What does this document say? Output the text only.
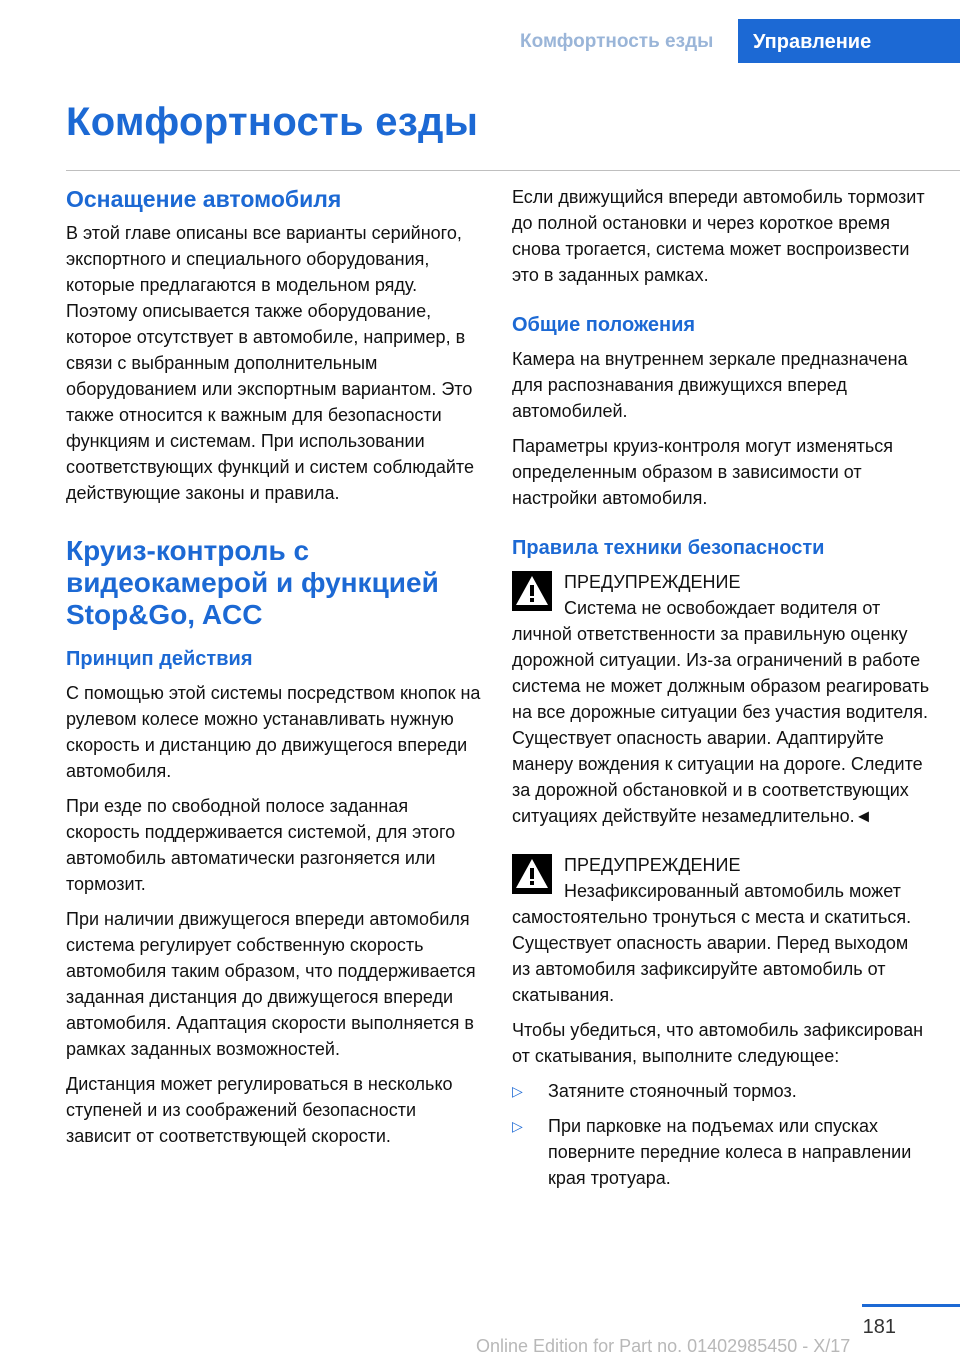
Комфортность езды	Управление
Комфортность езды
Оснащение автомобиля

В этой главе описаны все варианты серийного, экспортного и специального оборудования, которые предлагаются в модельном ряду. Поэтому описывается также оборудование, которое отсутствует в автомобиле, например, в связи с выбранным дополнительным оборудованием или экспортным вариантом. Это также относится к важным для безопасности функциям и системам. При использовании соответствующих функций и систем соблюдайте действующие законы и правила.

Круиз-контроль с видеокамерой и функцией Stop&Go, ACC
Принцип действия

С помощью этой системы посредством кнопок на рулевом колесе можно устанавливать нужную скорость и дистанцию до движущегося впереди автомобиля.

При езде по свободной полосе заданная скорость поддерживается системой, для этого автомобиль автоматически разгоняется или тормозит.

При наличии движущегося впереди автомобиля система регулирует собственную скорость автомобиля таким образом, что поддерживается заданная дистанция до движущегося впереди автомобиля. Адаптация скорости выполняется в рамках заданных возможностей.

Дистанция может регулироваться в несколько ступеней и из соображений безопасности зависит от соответствующей скорости.

Если движущийся впереди автомобиль тормозит до полной остановки и через короткое время снова трогается, система может воспроизвести это в заданных рамках.

Общие положения

Камера на внутреннем зеркале предназначена для распознавания движущихся вперед автомобилей.

Параметры круиз-контроля могут изменяться определенным образом в зависимости от настройки автомобиля.

Правила техники безопасности
ПРЕДУПРЕЖДЕНИЕ

Система не освобождает водителя от личной ответственности за правильную оценку дорожной ситуации. Из-за ограничений в работе система не может должным образом реагировать на все дорожные ситуации без участия водителя. Существует опасность аварии. Адаптируйте манеру вождения к ситуации на дороге. Следите за дорожной обстановкой и в соответствующих ситуациях действуйте незамедлительно.◄

ПРЕДУПРЕЖДЕНИЕ

Незафиксированный автомобиль может самостоятельно тронуться с места и скатиться. Существует опасность аварии. Перед выходом из автомобиля зафиксируйте автомобиль от скатывания.

Чтобы убедиться, что автомобиль зафиксирован от скатывания, выполните следующее:

▷ Затяните стояночный тормоз.
▷ При парковке на подъемах или спусках поверните передние колеса в направлении края тротуара.
181
Online Edition for Part no. 01402985450 - X/17
